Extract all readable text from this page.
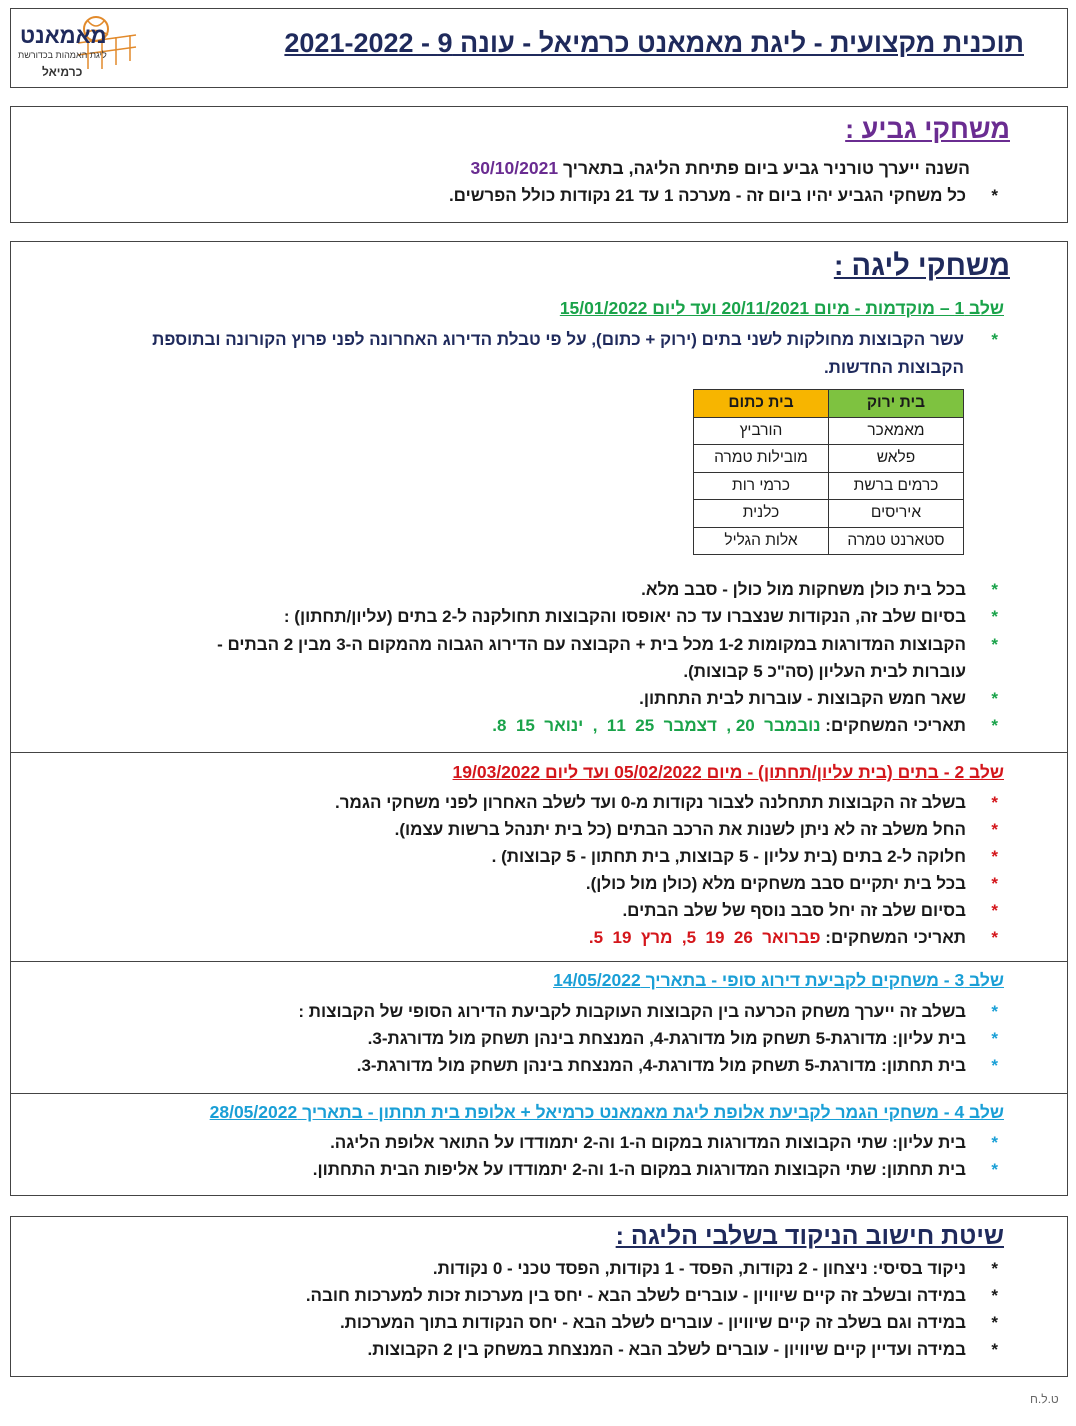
מאמאנט
ליגת האמהות בכדורשת
כרמיאל
תוכנית מקצועית - ליגת מאמאנט כרמיאל - עונה 9 - 2021-2022
משחקי גביע :
השנה ייערך טורניר גביע ביום פתיחת הליגה, בתאריך 30/10/2021
*
כל משחקי הגביע יהיו ביום זה - מערכה 1 עד 21 נקודות כולל הפרשים.
משחקי ליגה :
שלב 1 – מוקדמות - מיום 20/11/2021 ועד ליום 15/01/2022
*
עשר הקבוצות מחולקות לשני בתים (ירוק + כתום), על פי טבלת הדירוג האחרונה לפני פרוץ הקורונה ובתוספת
הקבוצות החדשות.
בית ירוק	בית כתום
מאמאכר	הורביץ
פלאש	מובילות טמרה
כרמים ברשת	כרמי רות
איריסים	כלנית
סטארנט טמרה	אלות הגליל
*
בכל בית כולן משחקות מול כולן - סבב מלא.
*
בסיום שלב זה, הנקודות שנצברו עד כה יאופסו והקבוצות תחולקנה ל-2 בתים (עליון/תחתון) :
*
הקבוצות המדורגות במקומות 1-2 מכל בית + הקבוצה עם הדירוג הגבוה מהמקום ה-3 מבין 2 הבתים -
עוברות לבית העליון (סה"כ 5 קבוצות).
*
שאר חמש הקבוצות - עוברות לבית התחתון.
*
תאריכי המשחקים: נובמבר  20 ,  דצמבר  25  11  ,  ינואר  15  8.
שלב 2 - בתים (בית עליון/תחתון) - מיום 05/02/2022 ועד ליום 19/03/2022
*
בשלב זה הקבוצות תתחלנה לצבור נקודות מ-0 ועד לשלב האחרון לפני משחקי הגמר.
*
החל משלב זה לא ניתן לשנות את הרכב הבתים (כל בית יתנהל ברשות עצמו).
*
חלוקה ל-2 בתים (בית עליון - 5 קבוצות, בית תחתון - 5 קבוצות) .
*
בכל בית יתקיים סבב משחקים מלא (כולן מול כולן).
*
בסיום שלב זה יחל סבב נוסף של שלב הבתים.
*
תאריכי המשחקים: פברואר  26  19  5,  מרץ  19  5.
שלב 3 - משחקים לקביעת דירוג סופי - בתאריך 14/05/2022
*
בשלב זה ייערך משחק הכרעה בין הקבוצות העוקבות לקביעת הדירוג הסופי של הקבוצות :
*
בית עליון: מדורגת-5 תשחק מול מדורגת-4, המנצחת בינהן תשחק מול מדורגת-3.
*
בית תחתון: מדורגת-5 תשחק מול מדורגת-4, המנצחת בינהן תשחק מול מדורגת-3.
שלב 4 - משחקי הגמר לקביעת אלופת ליגת מאמאנט כרמיאל + אלופת בית תחתון - בתאריך 28/05/2022
*
בית עליון: שתי הקבוצות המדורגות במקום ה-1 וה-2 יתמודדו על התואר אלופת הליגה.
*
בית תחתון: שתי הקבוצות המדורגות במקום ה-1 וה-2 יתמודדו על אליפות הבית התחתון.
שיטת חישוב הניקוד בשלבי הליגה :
*
ניקוד בסיסי: ניצחון - 2 נקודות, הפסד - 1 נקודות, הפסד טכני - 0 נקודות.
*
במידה ובשלב זה קיים שיוויון - עוברים לשלב הבא - יחס בין מערכות זכות למערכות חובה.
*
במידה וגם בשלב זה קיים שיוויון - עוברים לשלב הבא - יחס הנקודות בתוך המערכות.
*
במידה ועדיין קיים שיוויון - עוברים לשלב הבא - המנצחת במשחק בין 2 הקבוצות.
ט.ל.ח
